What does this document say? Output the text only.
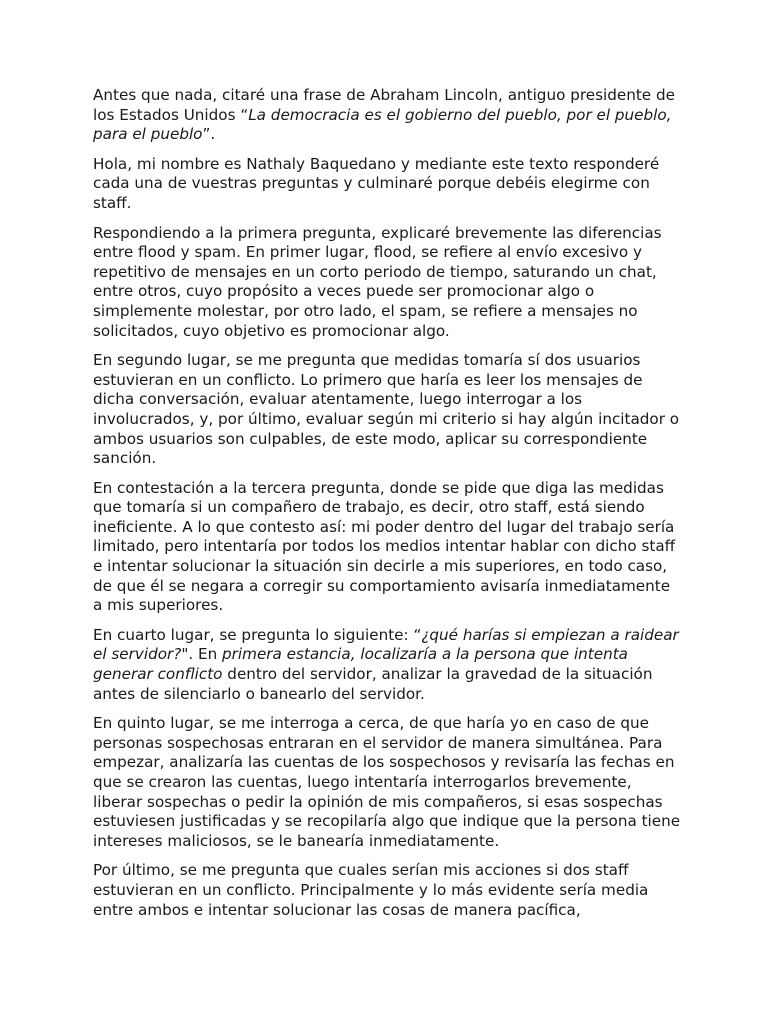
Antes que nada, citaré una frase de Abraham Lincoln, antiguo presidente de los Estados Unidos “La democracia es el gobierno del pueblo, por el pueblo, para el pueblo”.

Hola, mi nombre es Nathaly Baquedano y mediante este texto responderé cada una de vuestras preguntas y culminaré porque debéis elegirme con staff.

Respondiendo a la primera pregunta, explicaré brevemente las diferencias entre flood y spam. En primer lugar, flood, se refiere al envío excesivo y repetitivo de mensajes en un corto periodo de tiempo, saturando un chat, entre otros, cuyo propósito a veces puede ser promocionar algo o simplemente molestar, por otro lado, el spam, se refiere a mensajes no solicitados, cuyo objetivo es promocionar algo.

En segundo lugar, se me pregunta que medidas tomaría sí dos usuarios estuvieran en un conflicto. Lo primero que haría es leer los mensajes de dicha conversación, evaluar atentamente, luego interrogar a los involucrados, y, por último, evaluar según mi criterio si hay algún incitador o ambos usuarios son culpables, de este modo, aplicar su correspondiente sanción.

En contestación a la tercera pregunta, donde se pide que diga las medidas que tomaría si un compañero de trabajo, es decir, otro staff, está siendo ineficiente. A lo que contesto así: mi poder dentro del lugar del trabajo sería limitado, pero intentaría por todos los medios intentar hablar con dicho staff e intentar solucionar la situación sin decirle a mis superiores, en todo caso, de que él se negara a corregir su comportamiento avisaría inmediatamente a mis superiores.

En cuarto lugar, se pregunta lo siguiente: “¿qué harías si empiezan a raidear el servidor?". En primera estancia, localizaría a la persona que intenta generar conflicto dentro del servidor, analizar la gravedad de la situación antes de silenciarlo o banearlo del servidor.

En quinto lugar, se me interroga a cerca, de que haría yo en caso de que personas sospechosas entraran en el servidor de manera simultánea. Para empezar, analizaría las cuentas de los sospechosos y revisaría las fechas en que se crearon las cuentas, luego intentaría interrogarlos brevemente, liberar sospechas o pedir la opinión de mis compañeros, si esas sospechas estuviesen justificadas y se recopilaría algo que indique que la persona tiene intereses maliciosos, se le banearía inmediatamente.

Por último, se me pregunta que cuales serían mis acciones si dos staff estuvieran en un conflicto. Principalmente y lo más evidente sería media entre ambos e intentar solucionar las cosas de manera pacífica,
